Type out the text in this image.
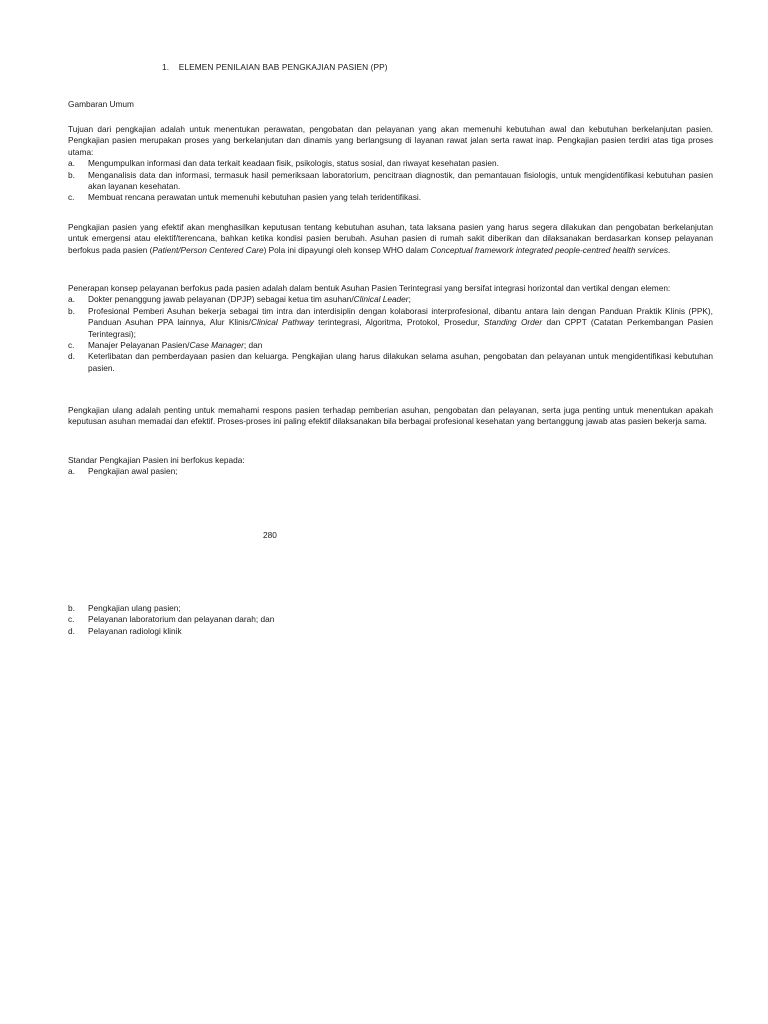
1. ELEMEN PENILAIAN BAB PENGKAJIAN PASIEN (PP)

Gambaran Umum

Tujuan dari pengkajian adalah untuk menentukan perawatan, pengobatan dan pelayanan yang akan memenuhi kebutuhan awal dan kebutuhan berkelanjutan pasien. Pengkajian pasien merupakan proses yang berkelanjutan dan dinamis yang berlangsung di layanan rawat jalan serta rawat inap. Pengkajian pasien terdiri atas tiga proses utama:

a. Mengumpulkan informasi dan data terkait keadaan fisik, psikologis, status sosial, dan riwayat kesehatan pasien.
b. Menganalisis data dan informasi, termasuk hasil pemeriksaan laboratorium, pencitraan diagnostik, dan pemantauan fisiologis, untuk mengidentifikasi kebutuhan pasien akan layanan kesehatan.
c. Membuat rencana perawatan untuk memenuhi kebutuhan pasien yang telah teridentifikasi.

Pengkajian pasien yang efektif akan menghasilkan keputusan tentang kebutuhan asuhan, tata laksana pasien yang harus segera dilakukan dan pengobatan berkelanjutan untuk emergensi atau elektif/terencana, bahkan ketika kondisi pasien berubah. Asuhan pasien di rumah sakit diberikan dan dilaksanakan berdasarkan konsep pelayanan berfokus pada pasien (Patient/Person Centered Care) Pola ini dipayungi oleh konsep WHO dalam Conceptual framework integrated people-centred health services.

Penerapan konsep pelayanan berfokus pada pasien adalah dalam bentuk Asuhan Pasien Terintegrasi yang bersifat integrasi horizontal dan vertikal dengan elemen:

a. Dokter penanggung jawab pelayanan (DPJP) sebagai ketua tim asuhan/Clinical Leader;
b. Profesional Pemberi Asuhan bekerja sebagai tim intra dan interdisiplin dengan kolaborasi interprofesional, dibantu antara lain dengan Panduan Praktik Klinis (PPK), Panduan Asuhan PPA lainnya, Alur Klinis/Clinical Pathway terintegrasi, Algoritma, Protokol, Prosedur, Standing Order dan CPPT (Catatan Perkembangan Pasien Terintegrasi);
c. Manajer Pelayanan Pasien/Case Manager; dan
d. Keterlibatan dan pemberdayaan pasien dan keluarga. Pengkajian ulang harus dilakukan selama asuhan, pengobatan dan pelayanan untuk mengidentifikasi kebutuhan pasien.

Pengkajian ulang adalah penting untuk memahami respons pasien terhadap pemberian asuhan, pengobatan dan pelayanan, serta juga penting untuk menentukan apakah keputusan asuhan memadai dan efektif. Proses-proses ini paling efektif dilaksanakan bila berbagai profesional kesehatan yang bertanggung jawab atas pasien bekerja sama.

Standar Pengkajian Pasien ini berfokus kepada:

a. Pengkajian awal pasien;
280
b. Pengkajian ulang pasien;
c. Pelayanan laboratorium dan pelayanan darah; dan
d. Pelayanan radiologi klinik
